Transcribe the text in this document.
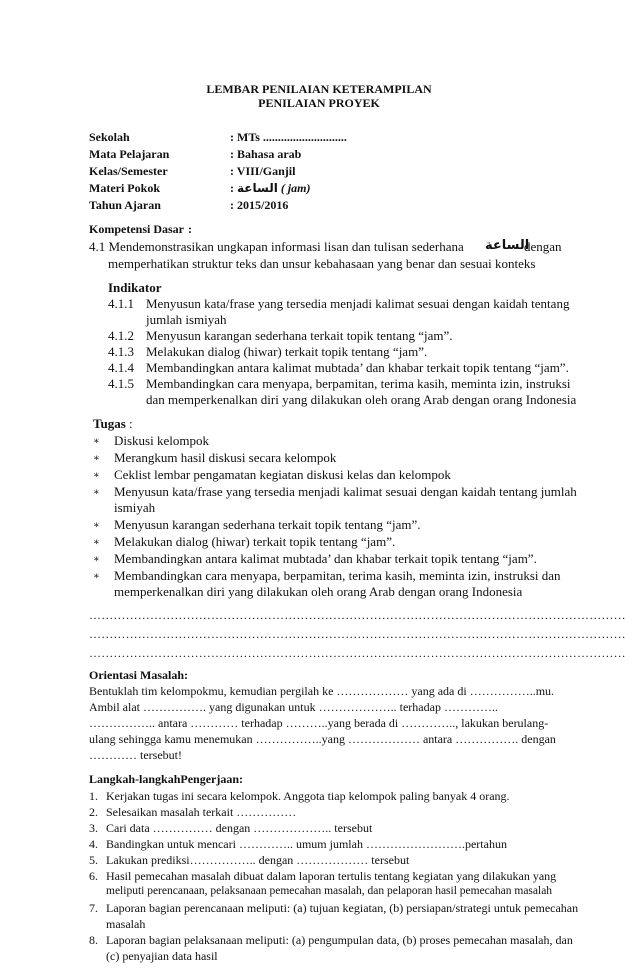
LEMBAR PENILAIAN KETERAMPILAN
PENILAIAN PROYEK
Sekolah	: MTs ............................
Mata Pelajaran	: Bahasa arab
Kelas/Semester	: VIII/Ganjil
Materi Pokok	: الساعة ( jam)
Tahun Ajaran	: 2015/2016
Kompetensi Dasar :
4.1 Mendemonstrasikan ungkapan informasi lisan dan tulisan sederhana	الساعة
dengan
memperhatikan struktur teks dan unsur kebahasaan yang benar dan sesuai konteks
Indikator
4.1.1 Menyusun kata/frase yang tersedia menjadi kalimat sesuai dengan kaidah tentang
jumlah ismiyah
4.1.2 Menyusun karangan sederhana terkait topik tentang “jam”.
4.1.3 Melakukan dialog (hiwar) terkait topik tentang “jam”.
4.1.4 Membandingkan antara kalimat mubtada’ dan khabar terkait topik tentang “jam”.
4.1.5 Membandingkan cara menyapa, berpamitan, terima kasih, meminta izin, instruksi
dan memperkenalkan diri yang dilakukan oleh orang Arab dengan orang Indonesia
Tugas :
∗ Diskusi kelompok
∗ Merangkum hasil diskusi secara kelompok
∗ Ceklist lembar pengamatan kegiatan diskusi kelas dan kelompok
∗ Menyusun kata/frase yang tersedia menjadi kalimat sesuai dengan kaidah tentang jumlah
ismiyah
∗ Menyusun karangan sederhana terkait topik tentang “jam”.
∗ Melakukan dialog (hiwar) terkait topik tentang “jam”.
∗ Membandingkan antara kalimat mubtada’ dan khabar terkait topik tentang “jam”.
∗ Membandingkan cara menyapa, berpamitan, terima kasih, meminta izin, instruksi dan
memperkenalkan diri yang dilakukan oleh orang Arab dengan orang Indonesia
……………………………………………………………………………………………………………………
……………………………………………………………………………………………………………………
……………………………………………………………………………………………………………………
Orientasi Masalah:
Bentuklah tim kelompokmu, kemudian pergilah ke ……………… yang ada di ……………..mu.
Ambil alat ……………. yang digunakan untuk ……………….. terhadap …………..
…………….. antara ………… terhadap ………..yang berada di ………….., lakukan berulang-
ulang sehingga kamu menemukan ……………..yang ……………… antara ……………. dengan
………… tersebut!
Langkah-langkahPengerjaan:
1. Kerjakan tugas ini secara kelompok. Anggota tiap kelompok paling banyak 4 orang.
2. Selesaikan masalah terkait ……………
3. Cari data …………… dengan ……………….. tersebut
4. Bandingkan untuk mencari ………….. umum jumlah …………………….pertahun
5. Lakukan prediksi…………….. dengan ……………… tersebut
6. Hasil pemecahan masalah dibuat dalam laporan tertulis tentang kegiatan yang dilakukan yang
meliputi perencanaan, pelaksanaan pemecahan masalah, dan pelaporan hasil pemecahan masalah
7. Laporan bagian perencanaan meliputi: (a) tujuan kegiatan, (b) persiapan/strategi untuk pemecahan
masalah
8. Laporan bagian pelaksanaan meliputi: (a) pengumpulan data, (b) proses pemecahan masalah, dan
(c) penyajian data hasil
